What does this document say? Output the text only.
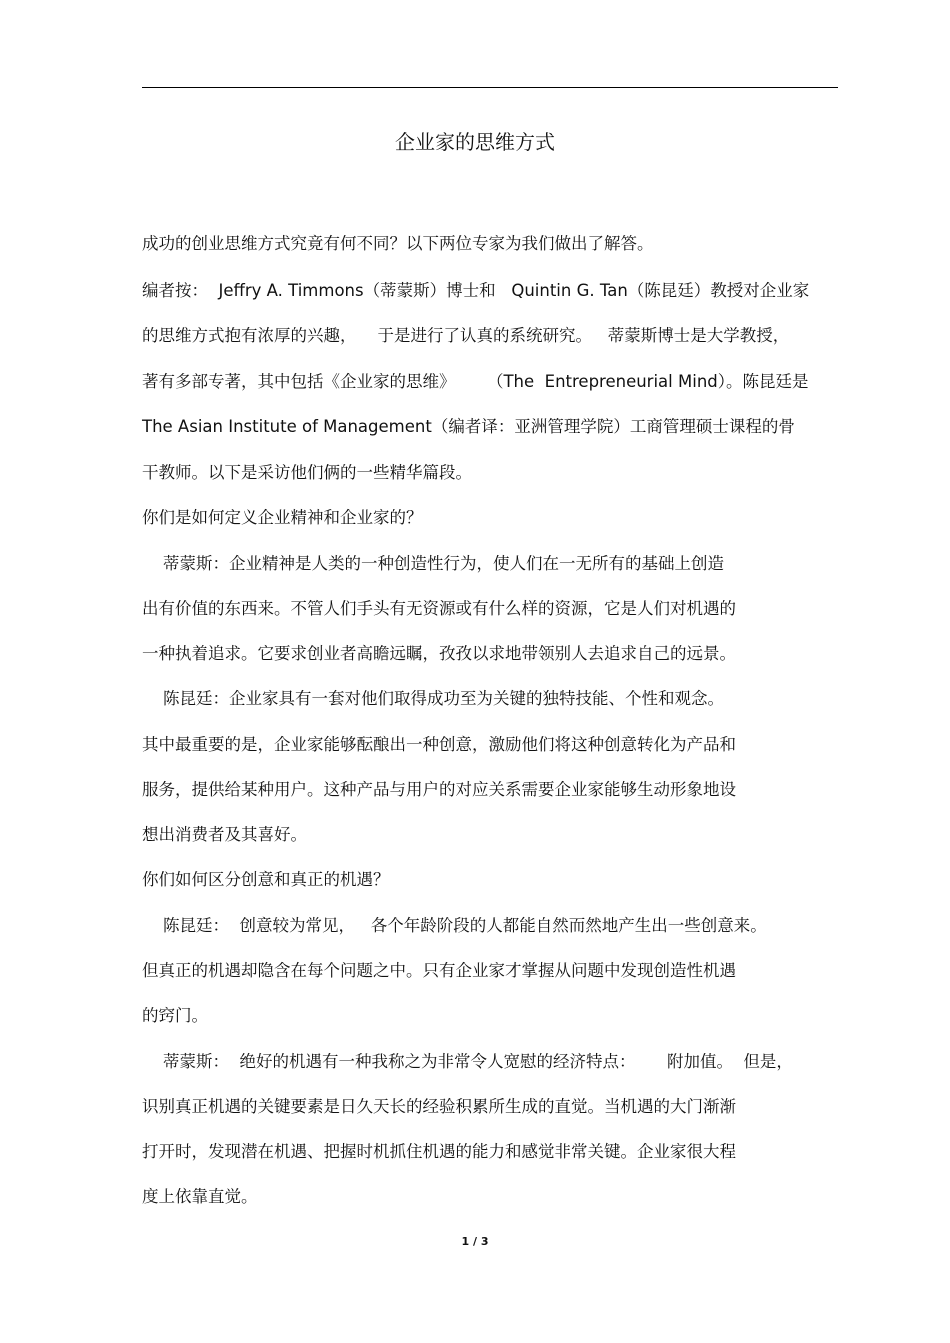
企业家的思维方式
成功的创业思维方式究竟有何不同？以下两位专家为我们做出了解答。
编者按：  Jeffry A. Timmons（蒂蒙斯）博士和   Quintin G. Tan（陈昆廷）教授对企业家
的思维方式抱有浓厚的兴趣，    于是进行了认真的系统研究。   蒂蒙斯博士是大学教授，
著有多部专著，其中包括《企业家的思维》      （The  Entrepreneurial Mind）。陈昆廷是
The Asian Institute of Management（编者译：亚洲管理学院）工商管理硕士课程的骨
干教师。以下是采访他们俩的一些精华篇段。
你们是如何定义企业精神和企业家的？
蒂蒙斯：企业精神是人类的一种创造性行为，使人们在一无所有的基础上创造
出有价值的东西来。不管人们手头有无资源或有什么样的资源，它是人们对机遇的
一种执着追求。它要求创业者高瞻远瞩，孜孜以求地带领别人去追求自己的远景。
陈昆廷：企业家具有一套对他们取得成功至为关键的独特技能、个性和观念。
其中最重要的是，企业家能够酝酿出一种创意，激励他们将这种创意转化为产品和
服务，提供给某种用户。这种产品与用户的对应关系需要企业家能够生动形象地设
想出消费者及其喜好。
你们如何区分创意和真正的机遇？
陈昆廷：  创意较为常见，   各个年龄阶段的人都能自然而然地产生出一些创意来。
但真正的机遇却隐含在每个问题之中。只有企业家才掌握从问题中发现创造性机遇
的窍门。
蒂蒙斯：  绝好的机遇有一种我称之为非常令人宽慰的经济特点：      附加值。  但是，
识别真正机遇的关键要素是日久天长的经验积累所生成的直觉。当机遇的大门渐渐
打开时，发现潜在机遇、把握时机抓住机遇的能力和感觉非常关键。企业家很大程
度上依靠直觉。
1 / 3
